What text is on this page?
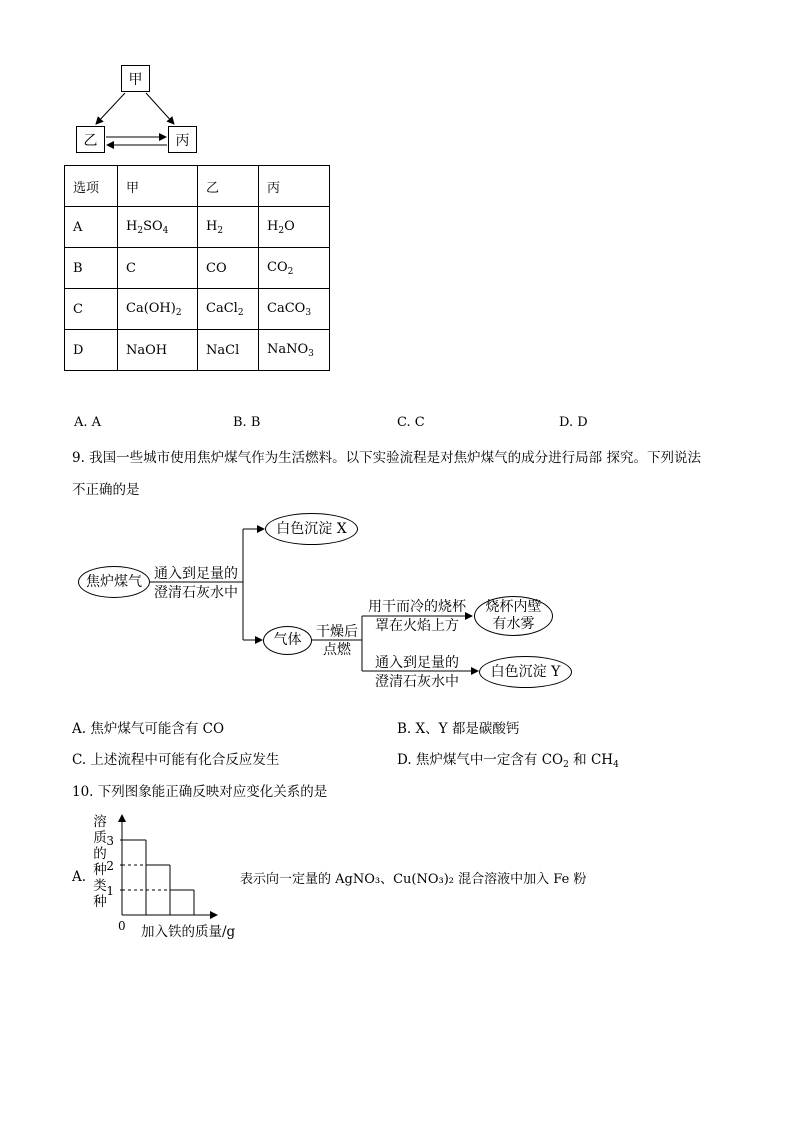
甲
乙	丙
选项	甲	乙	丙
A	$H_2SO_4$	$H_2$	$H_2O$
B	C	CO	$CO_2$
C	$Ca(OH)_2$	CaCl$_2$	CaCO$_3$
D	NaOH	NaCl	NaNO$_3$
A. A	B. B	C. C	D. D
9. 我国一些城市使用焦炉煤气作为生活燃料。以下实验流程是对焦炉煤气的成分进行局部 探究。下列说法
不正确的是
焦炉煤气 通入到足量的
澄清石灰水中
白色沉淀 X
气体	干燥后
点燃
用干而冷的烧杯
罩在火焰上方
烧杯内壁
有水雾
通入到足量的
澄清石灰水中
白色沉淀 Y
A. 焦炉煤气可能含有 CO	B. X、Y 都是碳酸钙
C. 上述流程中可能有化合反应发生	D. 焦炉煤气中一定含有 $CO_2$ 和 $CH_4$
10. 下列图象能正确反映对应变化关系的是
溶质的种类种
1
2
3
0 加入铁的质量/g
A.	表示向一定量的 AgNO₃、Cu(NO₃)₂ 混合溶液中加入 Fe 粉
